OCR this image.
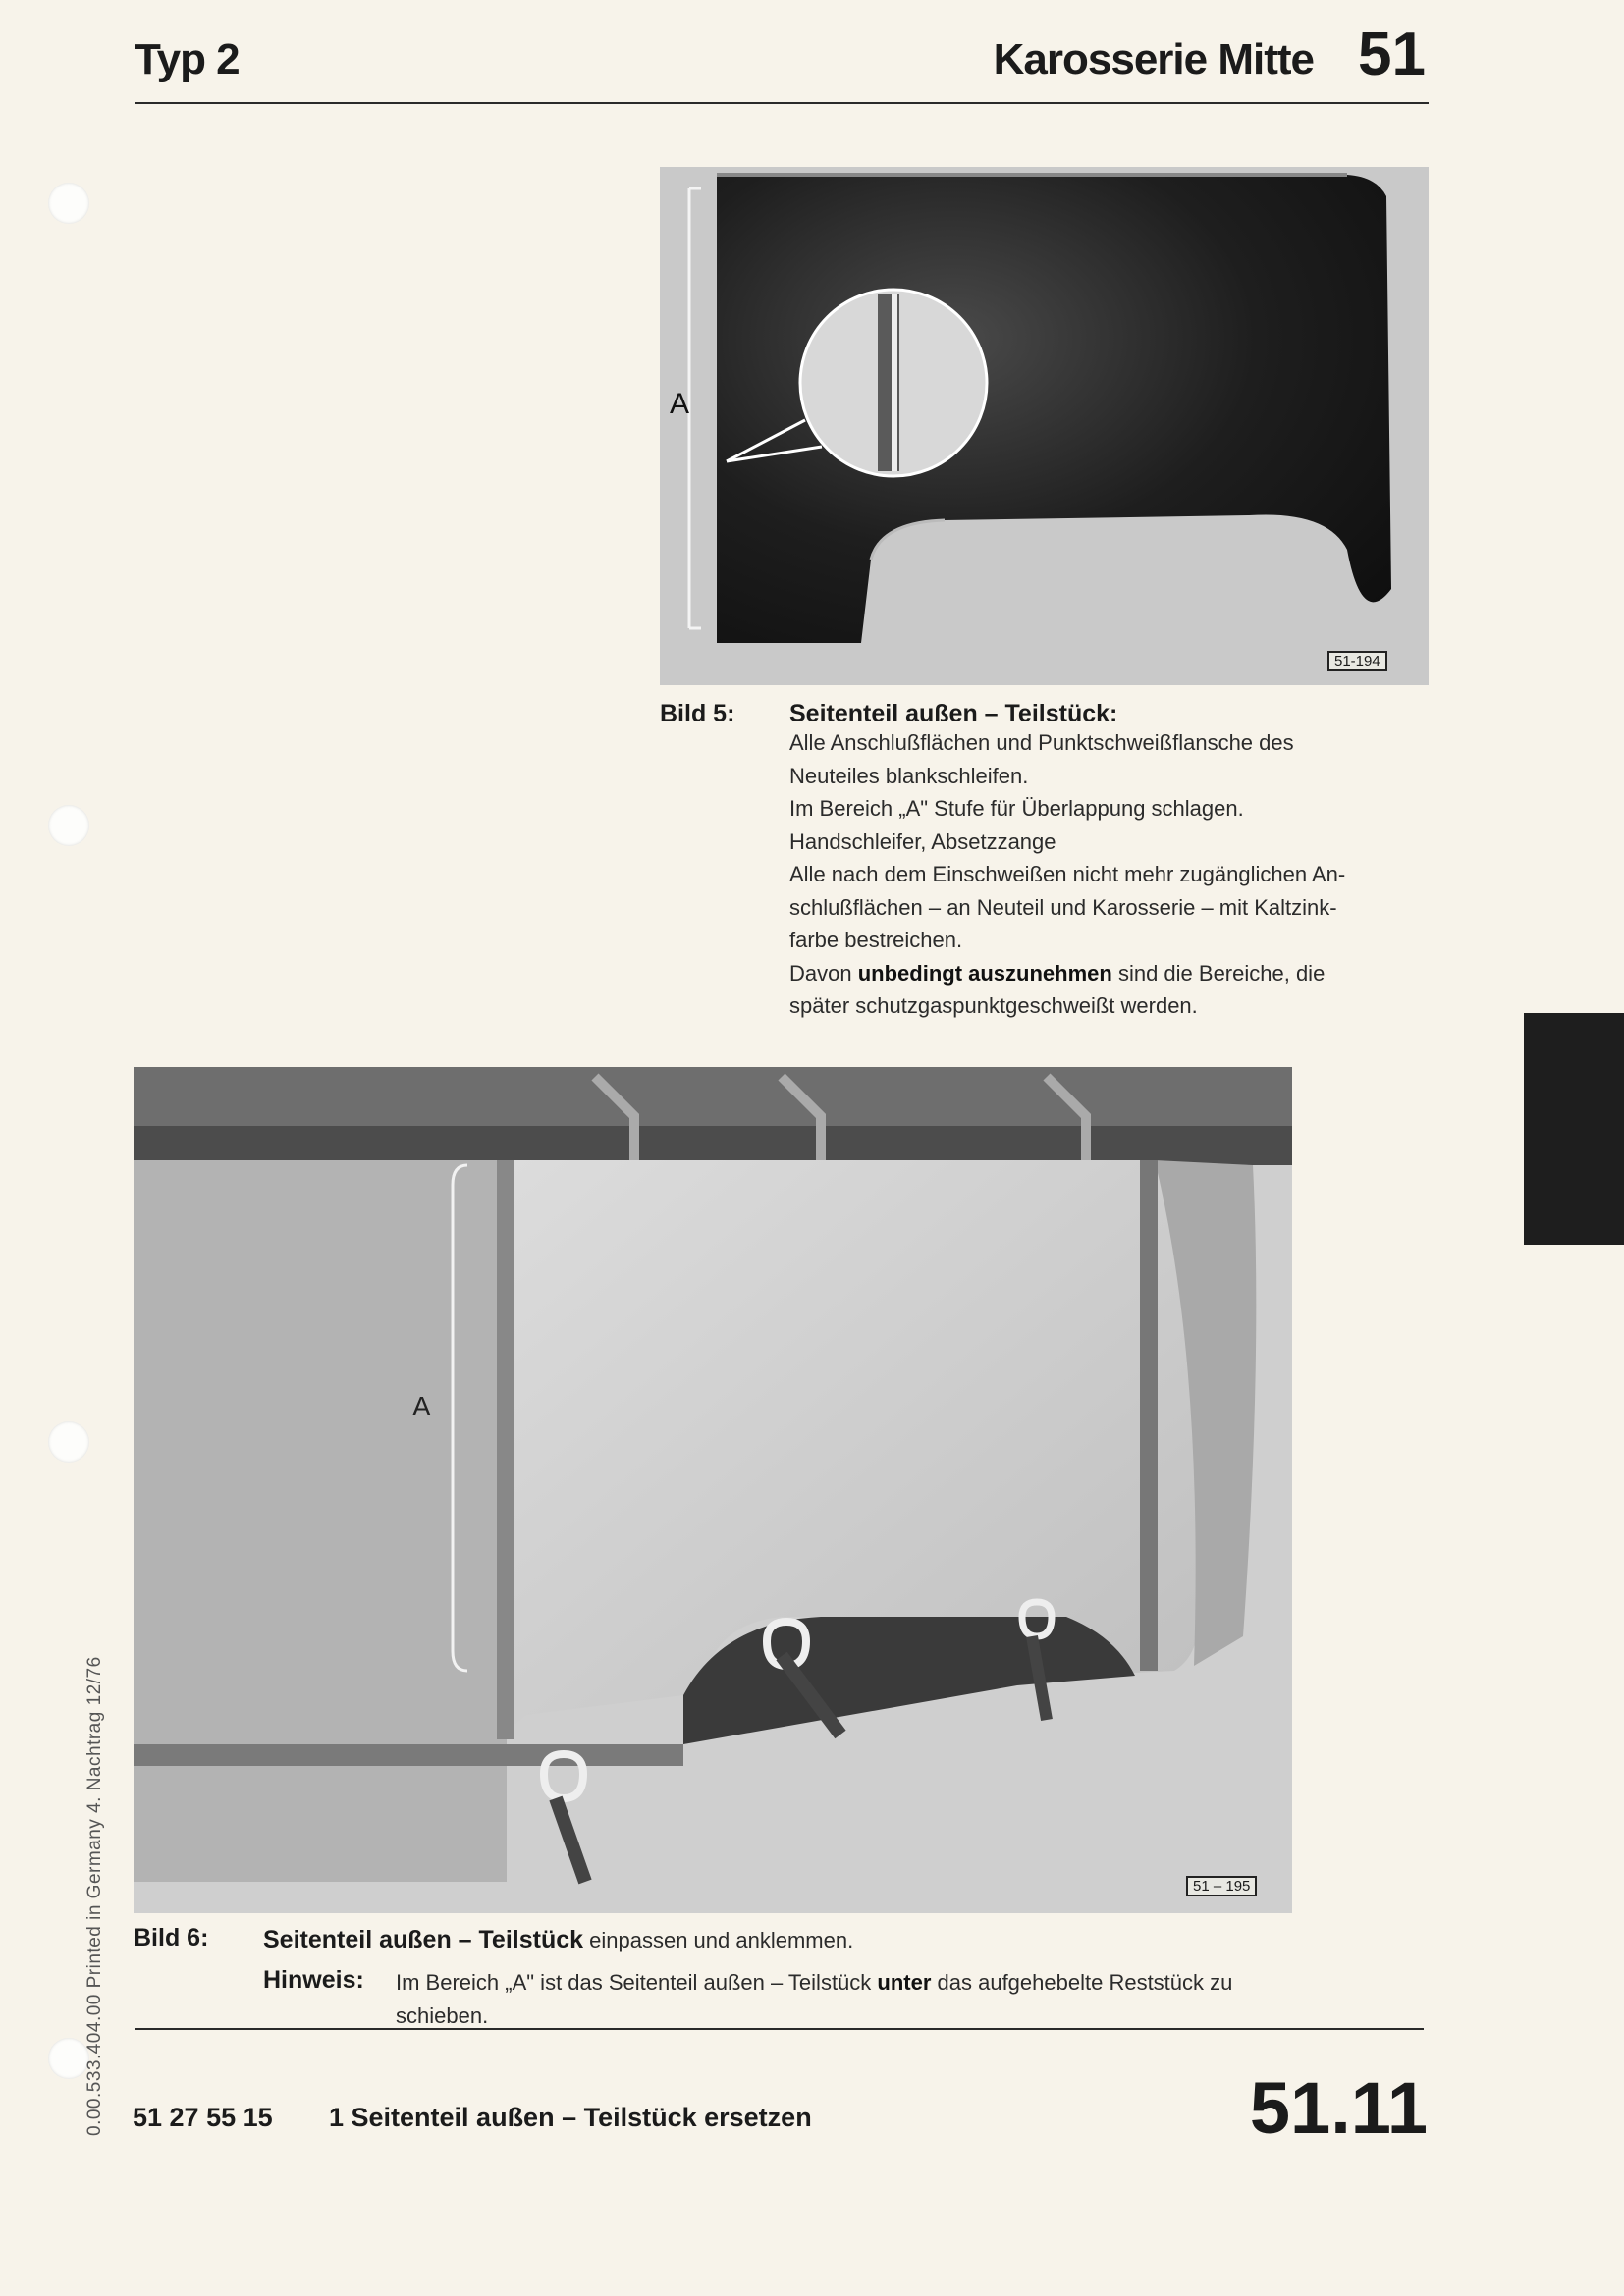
Typ 2	Karosserie Mitte 51
A
51-194
Bild 5: Seitenteil außen – Teilstück:
Alle Anschlußflächen und Punktschweißflansche des
Neuteiles blankschleifen.
Im Bereich „A" Stufe für Überlappung schlagen.
Handschleifer, Absetzzange
Alle nach dem Einschweißen nicht mehr zugänglichen An-
schlußflächen – an Neuteil und Karosserie – mit Kaltzink-
farbe bestreichen.
Davon unbedingt auszunehmen sind die Bereiche, die
später schutzgaspunktgeschweißt werden.
A
51 – 195
Bild 6: Seitenteil außen – Teilstück einpassen und anklemmen.
Hinweis: Im Bereich „A" ist das Seitenteil außen – Teilstück unter das aufgehebelte Reststück zu
schieben.
0.00.533.404.00 Printed in Germany 4. Nachtrag 12/76 51 27 55 15 1 Seitenteil außen – Teilstück ersetzen	51.11
